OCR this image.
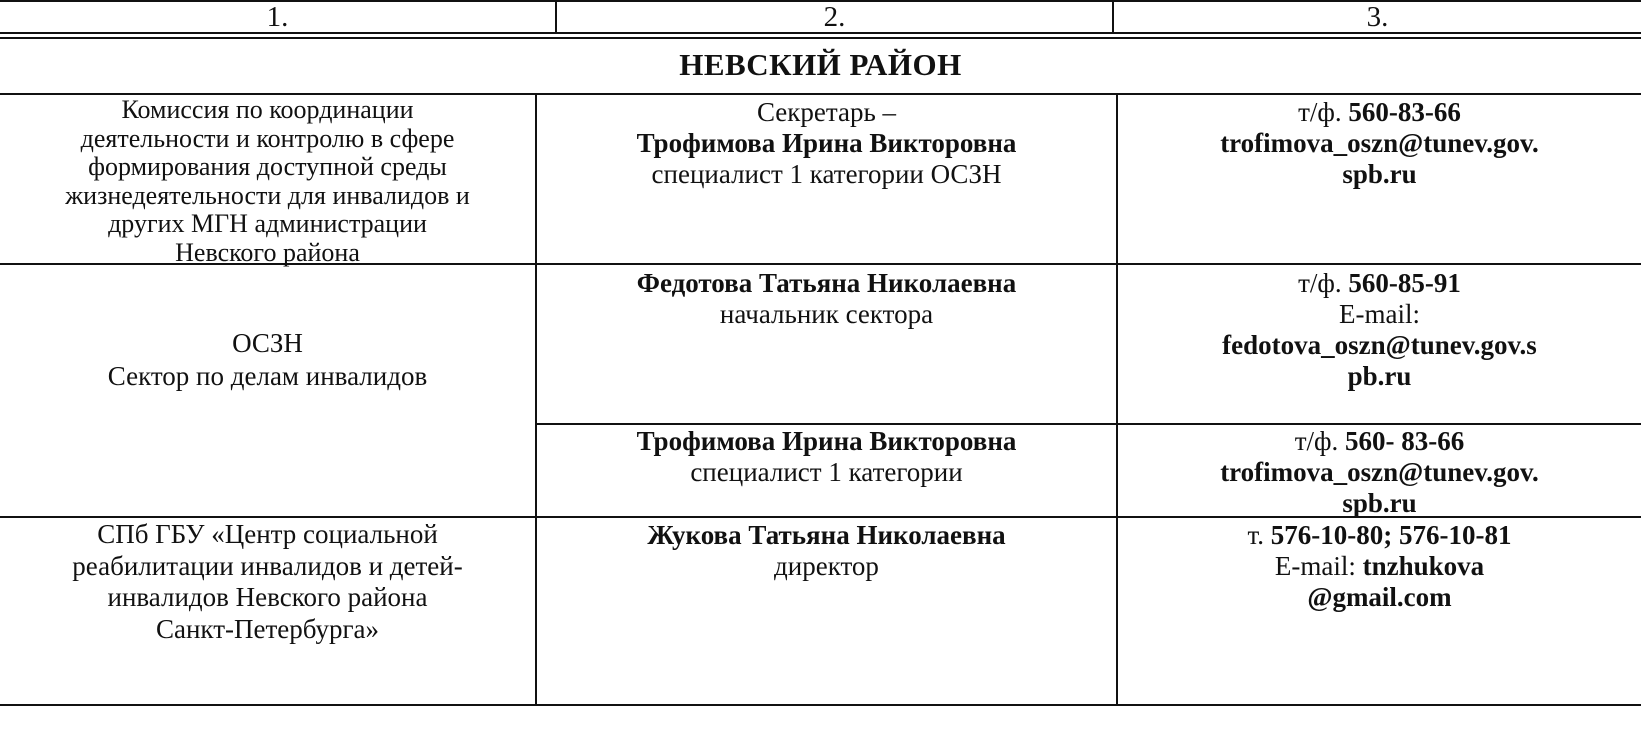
1.	2.	3.
НЕВСКИЙ РАЙОН
Комиссия по координации
деятельности и контролю в сфере
формирования доступной среды
жизнедеятельности для инвалидов и
других МГН администрации
Невского района
Секретарь –
Трофимова Ирина Викторовна
специалист 1 категории ОСЗН
т/ф. 560-83-66
trofimova_oszn@tunev.gov.
spb.ru
ОСЗН
Сектор по делам инвалидов
Федотова Татьяна Николаевна
начальник сектора
т/ф. 560-85-91
E-mail:
fedotova_oszn@tunev.gov.s
pb.ru
Трофимова Ирина Викторовна
специалист 1 категории
т/ф. 560- 83-66
trofimova_oszn@tunev.gov.
spb.ru
СПб ГБУ «Центр социальной
реабилитации инвалидов и детей-
инвалидов Невского района
Санкт-Петербурга»
Жукова Татьяна Николаевна
директор
т. 576-10-80; 576-10-81
E-mail: tnzhukova
@gmail.com
